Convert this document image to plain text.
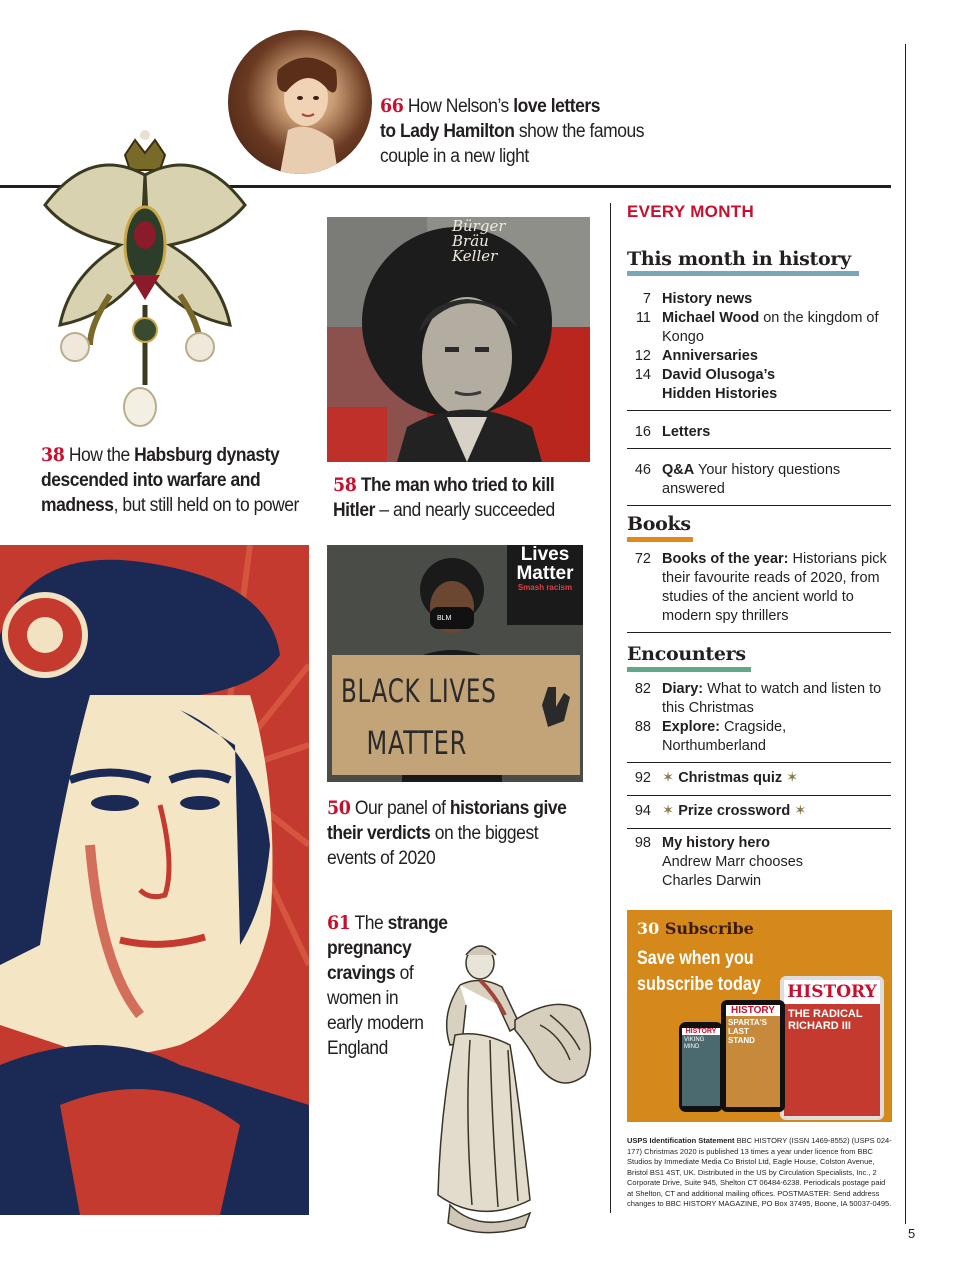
66 How Nelson’s love letters
to Lady Hamilton show the famous
couple in a new light
38 How the Habsburg dynasty
descended into warfare and
madness, but still held on to power
Bürger
Bräu
Keller
58 The man who tried to kill
Hitler – and nearly succeeded
Lives Matter
Smash racism
BLM
BLACK LIVES
MATTER
50 Our panel of historians give
their verdicts on the biggest
events of 2020
61 The strange
pregnancy
cravings of
women in
early modern
England
EVERY MONTH
This month in history
7 History news
11 Michael Wood on the kingdom of Kongo
12 Anniversaries
14 David Olusoga’s Hidden Histories
16 Letters
46 Q&A Your history questions answered
Books
72 Books of the year: Historians pick their favourite reads of 2020, from studies of the ancient world to modern spy thrillers
Encounters
82 Diary: What to watch and listen to this Christmas
88 Explore: Cragside, Northumberland
92 ✶ Christmas quiz ✶
94 ✶ Prize crossword ✶
98 My history hero Andrew Marr chooses Charles Darwin
30 Subscribe
Save when you
subscribe today HISTORY
THE RADICAL RICHARD III
HISTORY
SPARTA'S LAST STAND
HISTORY
VIKING MIND
USPS Identification Statement BBC HISTORY (ISSN 1469-8552) (USPS 024-177) Christmas 2020 is published 13 times a year under licence from BBC Studios by Immediate Media Co Bristol Ltd, Eagle House, Colston Avenue, Bristol BS1 4ST, UK. Distributed in the US by Circulation Specialists, Inc., 2 Corporate Drive, Suite 945, Shelton CT 06484-6238. Periodicals postage paid at Shelton, CT and additional mailing offices. POSTMASTER: Send address changes to BBC HISTORY MAGAZINE, PO Box 37495, Boone, IA 50037-0495.
5
